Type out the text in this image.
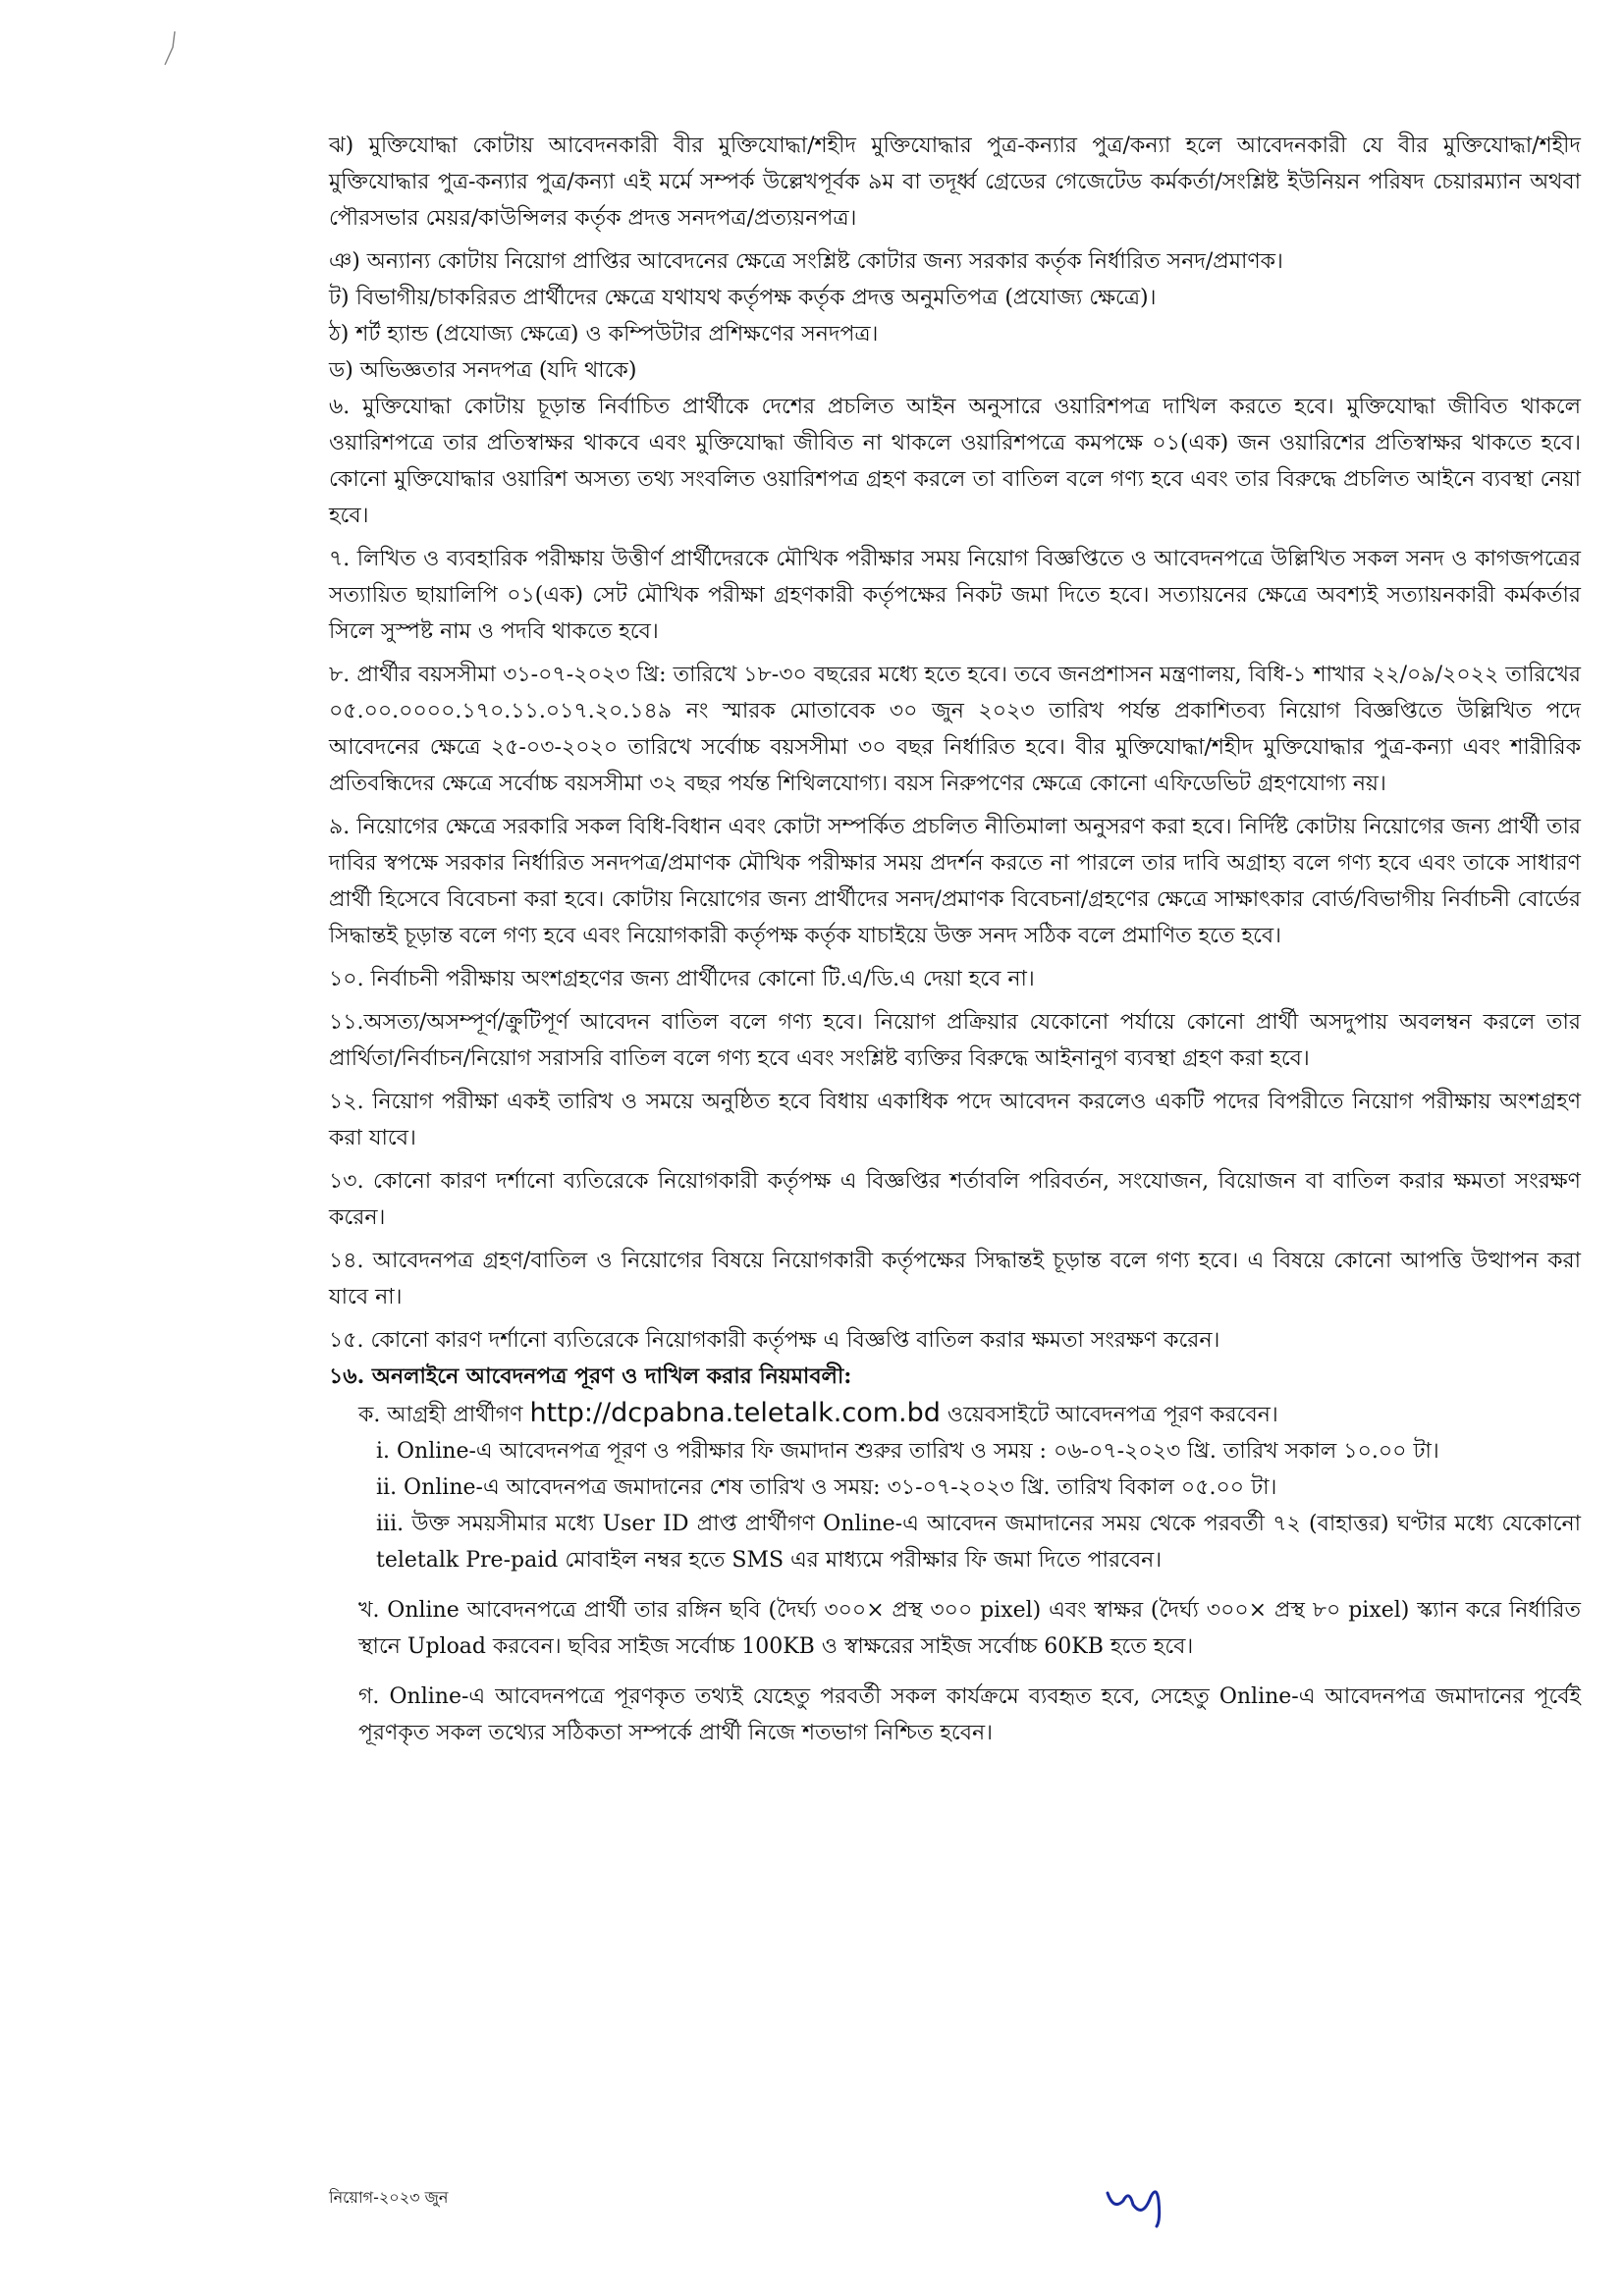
ঝ) মুক্তিযোদ্ধা কোটায় আবেদনকারী বীর মুক্তিযোদ্ধা/শহীদ মুক্তিযোদ্ধার পুত্র-কন্যার পুত্র/কন্যা হলে আবেদনকারী যে বীর মুক্তিযোদ্ধা/শহীদ মুক্তিযোদ্ধার পুত্র-কন্যার পুত্র/কন্যা এই মর্মে সম্পর্ক উল্লেখপূর্বক ৯ম বা তদূর্ধ্ব গ্রেডের গেজেটেড কর্মকর্তা/সংশ্লিষ্ট ইউনিয়ন পরিষদ চেয়ারম্যান অথবা পৌরসভার মেয়র/কাউন্সিলর কর্তৃক প্রদত্ত সনদপত্র/প্রত্যয়নপত্র।

ঞ) অন্যান্য কোটায় নিয়োগ প্রাপ্তির আবেদনের ক্ষেত্রে সংশ্লিষ্ট কোটার জন্য সরকার কর্তৃক নির্ধারিত সনদ/প্রমাণক।

ট) বিভাগীয়/চাকরিরত প্রার্থীদের ক্ষেত্রে যথাযথ কর্তৃপক্ষ কর্তৃক প্রদত্ত অনুমতিপত্র (প্রযোজ্য ক্ষেত্রে)।

ঠ) শর্ট হ্যান্ড (প্রযোজ্য ক্ষেত্রে) ও কম্পিউটার প্রশিক্ষণের সনদপত্র।

ড) অভিজ্ঞতার সনদপত্র (যদি থাকে)

৬. মুক্তিযোদ্ধা কোটায় চূড়ান্ত নির্বাচিত প্রার্থীকে দেশের প্রচলিত আইন অনুসারে ওয়ারিশপত্র দাখিল করতে হবে। মুক্তিযোদ্ধা জীবিত থাকলে ওয়ারিশপত্রে তার প্রতিস্বাক্ষর থাকবে এবং মুক্তিযোদ্ধা জীবিত না থাকলে ওয়ারিশপত্রে কমপক্ষে ০১(এক) জন ওয়ারিশের প্রতিস্বাক্ষর থাকতে হবে। কোনো মুক্তিযোদ্ধার ওয়ারিশ অসত্য তথ্য সংবলিত ওয়ারিশপত্র গ্রহণ করলে তা বাতিল বলে গণ্য হবে এবং তার বিরুদ্ধে প্রচলিত আইনে ব্যবস্থা নেয়া হবে।

৭. লিখিত ও ব্যবহারিক পরীক্ষায় উত্তীর্ণ প্রার্থীদেরকে মৌখিক পরীক্ষার সময় নিয়োগ বিজ্ঞপ্তিতে ও আবেদনপত্রে উল্লিখিত সকল সনদ ও কাগজপত্রের সত্যায়িত ছায়ালিপি ০১(এক) সেট মৌখিক পরীক্ষা গ্রহণকারী কর্তৃপক্ষের নিকট জমা দিতে হবে। সত্যায়নের ক্ষেত্রে অবশ্যই সত্যায়নকারী কর্মকর্তার সিলে সুস্পষ্ট নাম ও পদবি থাকতে হবে।

৮. প্রার্থীর বয়সসীমা ৩১-০৭-২০২৩ খ্রি: তারিখে ১৮-৩০ বছরের মধ্যে হতে হবে। তবে জনপ্রশাসন মন্ত্রণালয়, বিধি-১ শাখার ২২/০৯/২০২২ তারিখের ০৫.০০.০০০০.১৭০.১১.০১৭.২০.১৪৯ নং স্মারক মোতাবেক ৩০ জুন ২০২৩ তারিখ পর্যন্ত প্রকাশিতব্য নিয়োগ বিজ্ঞপ্তিতে উল্লিখিত পদে আবেদনের ক্ষেত্রে ২৫-০৩-২০২০ তারিখে সর্বোচ্চ বয়সসীমা ৩০ বছর নির্ধারিত হবে। বীর মুক্তিযোদ্ধা/শহীদ মুক্তিযোদ্ধার পুত্র-কন্যা এবং শারীরিক প্রতিবন্ধিদের ক্ষেত্রে সর্বোচ্চ বয়সসীমা ৩২ বছর পর্যন্ত শিথিলযোগ্য। বয়স নিরুপণের ক্ষেত্রে কোনো এফিডেভিট গ্রহণযোগ্য নয়।

৯. নিয়োগের ক্ষেত্রে সরকারি সকল বিধি-বিধান এবং কোটা সম্পর্কিত প্রচলিত নীতিমালা অনুসরণ করা হবে। নির্দিষ্ট কোটায় নিয়োগের জন্য প্রার্থী তার দাবির স্বপক্ষে সরকার নির্ধারিত সনদপত্র/প্রমাণক মৌখিক পরীক্ষার সময় প্রদর্শন করতে না পারলে তার দাবি অগ্রাহ্য বলে গণ্য হবে এবং তাকে সাধারণ প্রার্থী হিসেবে বিবেচনা করা হবে। কোটায় নিয়োগের জন্য প্রার্থীদের সনদ/প্রমাণক বিবেচনা/গ্রহণের ক্ষেত্রে সাক্ষাৎকার বোর্ড/বিভাগীয় নির্বাচনী বোর্ডের সিদ্ধান্তই চূড়ান্ত বলে গণ্য হবে এবং নিয়োগকারী কর্তৃপক্ষ কর্তৃক যাচাইয়ে উক্ত সনদ সঠিক বলে প্রমাণিত হতে হবে।

১০. নির্বাচনী পরীক্ষায় অংশগ্রহণের জন্য প্রার্থীদের কোনো টি.এ/ডি.এ দেয়া হবে না।

১১.অসত্য/অসম্পূর্ণ/ক্রুটিপূর্ণ আবেদন বাতিল বলে গণ্য হবে। নিয়োগ প্রক্রিয়ার যেকোনো পর্যায়ে কোনো প্রার্থী অসদুপায় অবলম্বন করলে তার প্রার্থিতা/নির্বাচন/নিয়োগ সরাসরি বাতিল বলে গণ্য হবে এবং সংশ্লিষ্ট ব্যক্তির বিরুদ্ধে আইনানুগ ব্যবস্থা গ্রহণ করা হবে।

১২. নিয়োগ পরীক্ষা একই তারিখ ও সময়ে অনুষ্ঠিত হবে বিধায় একাধিক পদে আবেদন করলেও একটি পদের বিপরীতে নিয়োগ পরীক্ষায় অংশগ্রহণ করা যাবে।

১৩. কোনো কারণ দর্শানো ব্যতিরেকে নিয়োগকারী কর্তৃপক্ষ এ বিজ্ঞপ্তির শর্তাবলি পরিবর্তন, সংযোজন, বিয়োজন বা বাতিল করার ক্ষমতা সংরক্ষণ করেন।

১৪. আবেদনপত্র গ্রহণ/বাতিল ও নিয়োগের বিষয়ে নিয়োগকারী কর্তৃপক্ষের সিদ্ধান্তই চূড়ান্ত বলে গণ্য হবে। এ বিষয়ে কোনো আপত্তি উত্থাপন করা যাবে না।

১৫. কোনো কারণ দর্শানো ব্যতিরেকে নিয়োগকারী কর্তৃপক্ষ এ বিজ্ঞপ্তি বাতিল করার ক্ষমতা সংরক্ষণ করেন।

১৬. অনলাইনে আবেদনপত্র পূরণ ও দাখিল করার নিয়মাবলী:

ক. আগ্রহী প্রার্থীগণ http://dcpabna.teletalk.com.bd ওয়েবসাইটে আবেদনপত্র পূরণ করবেন।

i. Online-এ আবেদনপত্র পূরণ ও পরীক্ষার ফি জমাদান শুরুর তারিখ ও সময় : ০৬-০৭-২০২৩ খ্রি. তারিখ সকাল ১০.০০ টা।

ii. Online-এ আবেদনপত্র জমাদানের শেষ তারিখ ও সময়: ৩১-০৭-২০২৩ খ্রি. তারিখ বিকাল ০৫.০০ টা।

iii. উক্ত সময়সীমার মধ্যে User ID প্রাপ্ত প্রার্থীগণ Online-এ আবেদন জমাদানের সময় থেকে পরবর্তী ৭২ (বাহাত্তর) ঘণ্টার মধ্যে যেকোনো teletalk Pre-paid মোবাইল নম্বর হতে SMS এর মাধ্যমে পরীক্ষার ফি জমা দিতে পারবেন।

খ. Online আবেদনপত্রে প্রার্থী তার রঙ্গিন ছবি (দৈর্ঘ্য ৩০০× প্রস্থ ৩০০ pixel) এবং স্বাক্ষর (দৈর্ঘ্য ৩০০× প্রস্থ ৮০ pixel) স্ক্যান করে নির্ধারিত স্থানে Upload করবেন। ছবির সাইজ সর্বোচ্চ 100KB ও স্বাক্ষরের সাইজ সর্বোচ্চ 60KB হতে হবে।

গ. Online-এ আবেদনপত্রে পূরণকৃত তথ্যই যেহেতু পরবর্তী সকল কার্যক্রমে ব্যবহৃত হবে, সেহেতু Online-এ আবেদনপত্র জমাদানের পূর্বেই পূরণকৃত সকল তথ্যের সঠিকতা সম্পর্কে প্রার্থী নিজে শতভাগ নিশ্চিত হবেন।

নিয়োগ-২০২৩ জুন
